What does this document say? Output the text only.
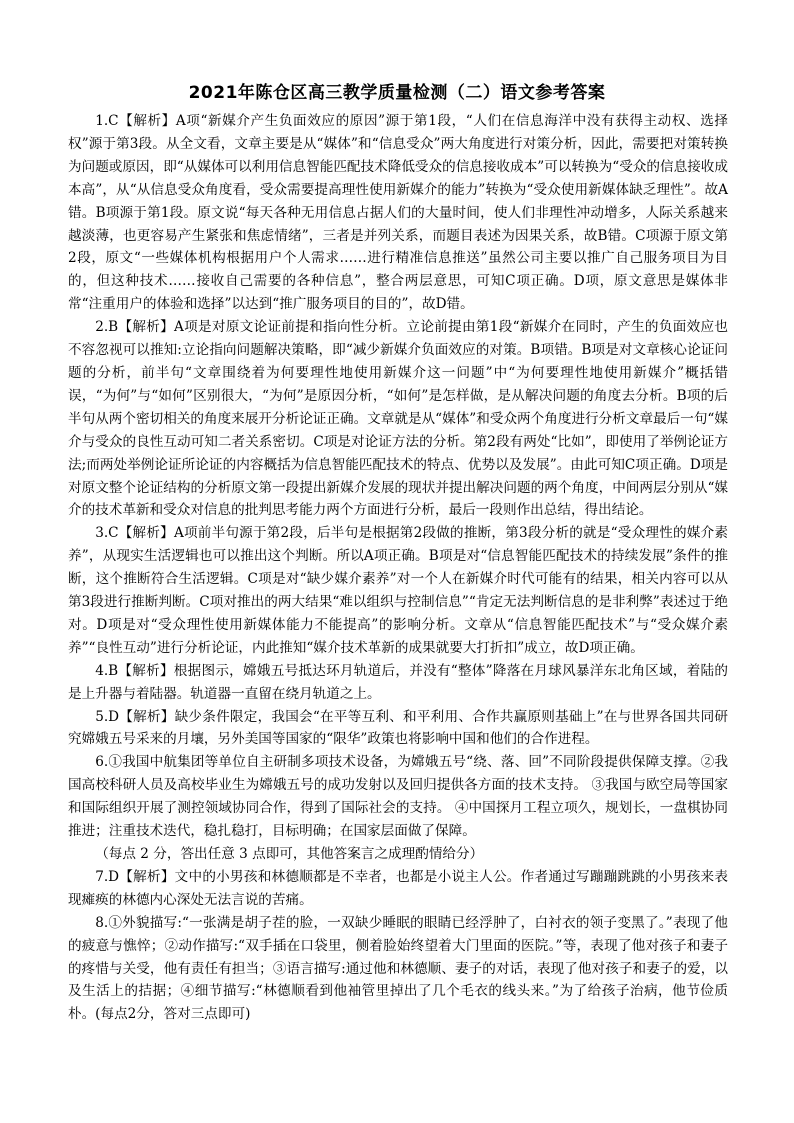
2021年陈仓区高三教学质量检测（二）语文参考答案

1.C【解析】A项“新媒介产生负面效应的原因”源于第1段，“人们在信息海洋中没有获得主动权、选择权”源于第3段。从全文看，文章主要是从“媒体”和“信息受众”两大角度进行对策分析，因此，需要把对策转换为问题或原因，即“从媒体可以利用信息智能匹配技术降低受众的信息接收成本”可以转换为“受众的信息接收成本高”，从“从信息受众角度看，受众需要提高理性使用新媒介的能力”转换为“受众使用新媒体缺乏理性”。故A错。B项源于第1段。原文说“每天各种无用信息占据人们的大量时间，使人们非理性冲动增多，人际关系越来越淡薄，也更容易产生紧张和焦虑情绪”，三者是并列关系，而题目表述为因果关系，故B错。C项源于原文第2段，原文“一些媒体机构根据用户个人需求……进行精准信息推送”虽然公司主要以推广自己服务项目为目的，但这种技术……接收自己需要的各种信息”，整合两层意思，可知C项正确。D项，原文意思是媒体非常“注重用户的体验和选择”以达到“推广服务项目的目的”，故D错。

2.B【解析】A项是对原文论证前提和指向性分析。立论前提由第1段“新媒介在同时，产生的负面效应也不容忽视可以推知:立论指向问题解决策略，即“减少新媒介负面效应的对策。B项错。B项是对文章核心论证问题的分析，前半句“文章围绕着为何要理性地使用新媒介这一问题”中“为何要理性地使用新媒介”概括错误，“为何”与“如何”区别很大，“为何”是原因分析，“如何”是怎样做，是从解决问题的角度去分析。B项的后半句从两个密切相关的角度来展开分析论证正确。文章就是从“媒体”和受众两个角度进行分析文章最后一句“媒介与受众的良性互动可知二者关系密切。C项是对论证方法的分析。第2段有两处“比如”，即使用了举例论证方法;而两处举例论证所论证的内容概括为信息智能匹配技术的特点、优势以及发展”。由此可知C项正确。D项是对原文整个论证结构的分析原文第一段提出新媒介发展的现状并提出解决问题的两个角度，中间两层分别从“媒介的技术革新和受众对信息的批判思考能力两个方面进行分析，最后一段则作出总结，得出结论。

3.C【解析】A项前半句源于第2段，后半句是根据第2段做的推断，第3段分析的就是“受众理性的媒介素养”，从现实生活逻辑也可以推出这个判断。所以A项正确。B项是对“信息智能匹配技术的持续发展”条件的推断，这个推断符合生活逻辑。C项是对“缺少媒介素养”对一个人在新媒介时代可能有的结果，相关内容可以从第3段进行推断判断。C项对推出的两大结果“难以组织与控制信息”“肯定无法判断信息的是非利弊”表述过于绝对。D项是对“受众理性使用新媒体能力不能提高”的影响分析。文章从“信息智能匹配技术”与“受众媒介素养”“良性互动”进行分析论证，内此推知“媒介技术革新的成果就要大打折扣”成立，故D项正确。

4.B【解析】根据图示，嫦娥五号抵达环月轨道后，并没有“整体”降落在月球风暴洋东北角区域，着陆的是上升器与着陆器。轨道器一直留在绕月轨道之上。

5.D【解析】缺少条件限定，我国会“在平等互利、和平利用、合作共赢原则基础上”在与世界各国共同研究嫦娥五号采来的月壤，另外美国等国家的“限华”政策也将影响中国和他们的合作进程。

6.①我国中航集团等单位自主研制多项技术设备，为嫦娥五号“绕、落、回”不同阶段提供保障支撑。②我国高校科研人员及高校毕业生为嫦娥五号的成功发射以及回归提供各方面的技术支持。 ③我国与欧空局等国家和国际组织开展了测控领域协同合作，得到了国际社会的支持。 ④中国探月工程立项久，规划长，一盘棋协同推进；注重技术迭代，稳扎稳打，目标明确；在国家层面做了保障。

（每点 2 分，答出任意 3 点即可，其他答案言之成理酌情给分）

7.D【解析】文中的小男孩和林德顺都是不幸者，也都是小说主人公。作者通过写蹦蹦跳跳的小男孩来表现瘫痪的林德内心深处无法言说的苦痛。

8.①外貌描写:“一张满是胡子茬的脸，一双缺少睡眠的眼睛已经浮肿了，白衬衣的领子变黑了。”表现了他的疲意与憔悴；②动作描写:“双手插在口袋里，侧着脸始终望着大门里面的医院。”等，表现了他对孩子和妻子的疼惜与关受，他有责任有担当；③语言描写:通过他和林德顺、妻子的对话，表现了他对孩子和妻子的爱，以及生活上的拮据；④细节描写:“林德顺看到他袖管里掉出了几个毛衣的线头来。”为了给孩子治病，他节俭质朴。(每点2分，答对三点即可)
